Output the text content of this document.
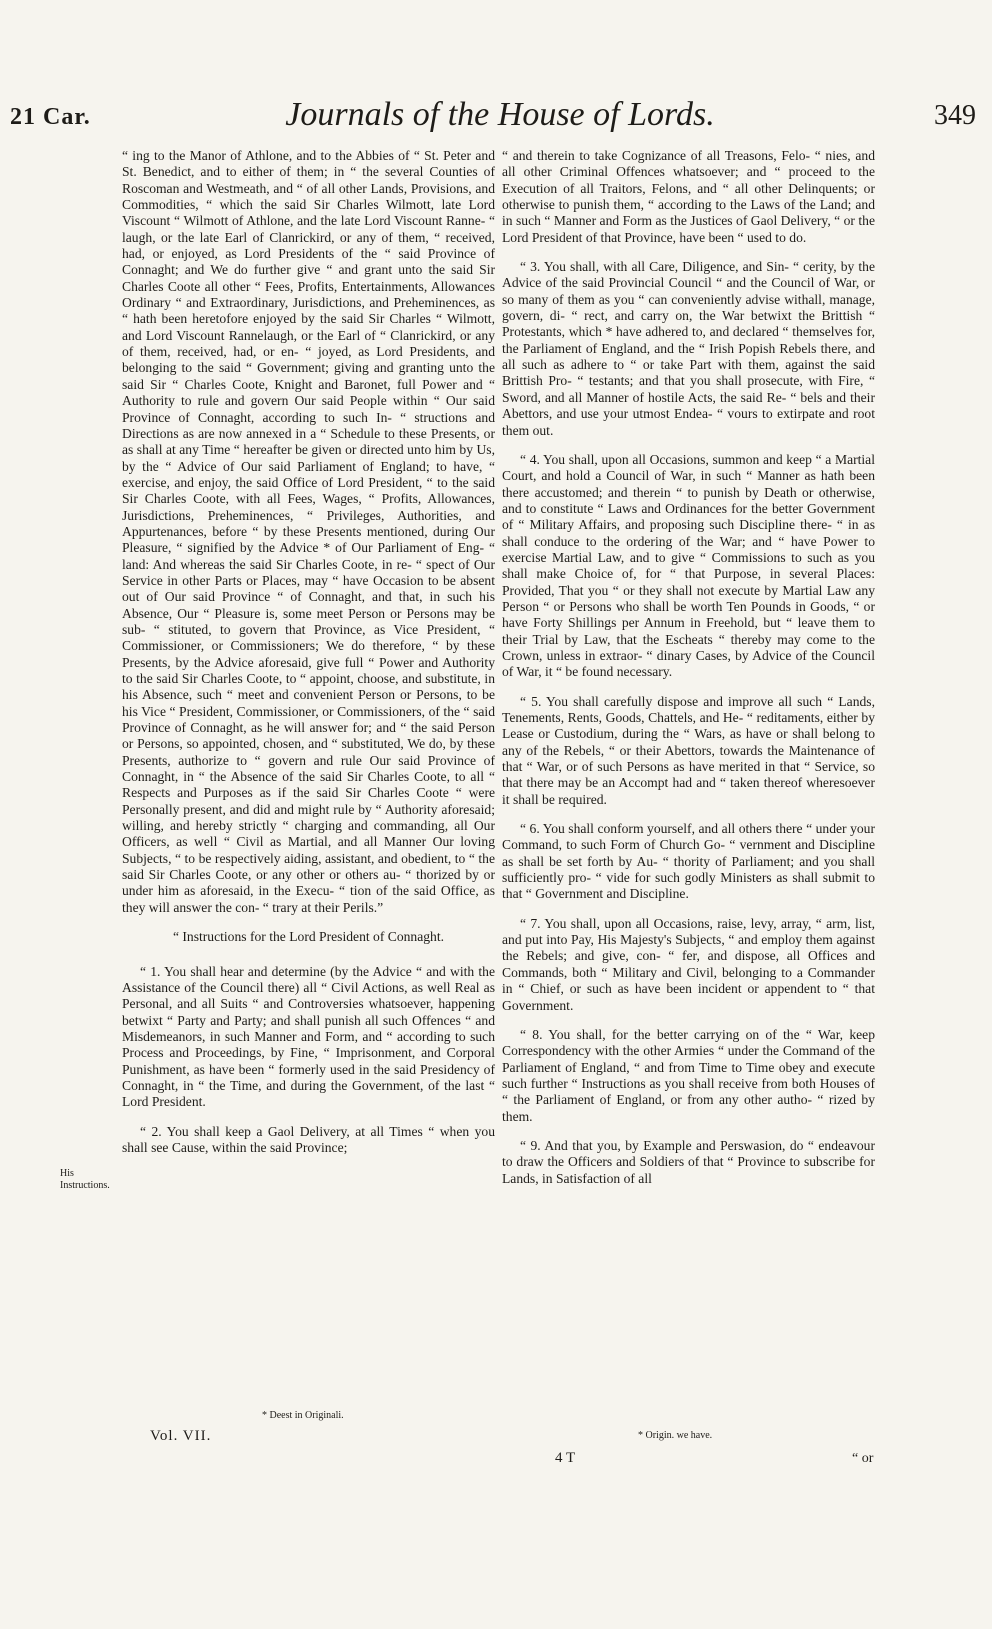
21 Car.	Journals of the House of Lords.	349

“ ing to the Manor of Athlone, and to the Abbies of “ St. Peter and St. Benedict, and to either of them; in “ the several Counties of Roscoman and Westmeath, and “ of all other Lands, Provisions, and Commodities, “ which the said Sir Charles Wilmott, late Lord Viscount “ Wilmott of Athlone, and the late Lord Viscount Ranne- “ laugh, or the late Earl of Clanrickird, or any of them, “ received, had, or enjoyed, as Lord Presidents of the “ said Province of Connaght; and We do further give “ and grant unto the said Sir Charles Coote all other “ Fees, Profits, Entertainments, Allowances Ordinary “ and Extraordinary, Jurisdictions, and Preheminences, as “ hath been heretofore enjoyed by the said Sir Charles “ Wilmott, and Lord Viscount Rannelaugh, or the Earl of “ Clanrickird, or any of them, received, had, or en- “ joyed, as Lord Presidents, and belonging to the said “ Government; giving and granting unto the said Sir “ Charles Coote, Knight and Baronet, full Power and “ Authority to rule and govern Our said People within “ Our said Province of Connaght, according to such In- “ structions and Directions as are now annexed in a “ Schedule to these Presents, or as shall at any Time “ hereafter be given or directed unto him by Us, by the “ Advice of Our said Parliament of England; to have, “ exercise, and enjoy, the said Office of Lord President, “ to the said Sir Charles Coote, with all Fees, Wages, “ Profits, Allowances, Jurisdictions, Preheminences, “ Privileges, Authorities, and Appurtenances, before “ by these Presents mentioned, during Our Pleasure, “ signified by the Advice * of Our Parliament of Eng- “ land: And whereas the said Sir Charles Coote, in re- “ spect of Our Service in other Parts or Places, may “ have Occasion to be absent out of Our said Province “ of Connaght, and that, in such his Absence, Our “ Pleasure is, some meet Person or Persons may be sub- “ stituted, to govern that Province, as Vice President, “ Commissioner, or Commissioners; We do therefore, “ by these Presents, by the Advice aforesaid, give full “ Power and Authority to the said Sir Charles Coote, to “ appoint, choose, and substitute, in his Absence, such “ meet and convenient Person or Persons, to be his Vice “ President, Commissioner, or Commissioners, of the “ said Province of Connaght, as he will answer for; and “ the said Person or Persons, so appointed, chosen, and “ substituted, We do, by these Presents, authorize to “ govern and rule Our said Province of Connaght, in “ the Absence of the said Sir Charles Coote, to all “ Respects and Purposes as if the said Sir Charles Coote “ were Personally present, and did and might rule by “ Authority aforesaid; willing, and hereby strictly “ charging and commanding, all Our Officers, as well “ Civil as Martial, and all Manner Our loving Subjects, “ to be respectively aiding, assistant, and obedient, to “ the said Sir Charles Coote, or any other or others au- “ thorized by or under him as aforesaid, in the Execu- “ tion of the said Office, as they will answer the con- “ trary at their Perils.”

“ Instructions for the Lord President of Connaght.

“ 1. You shall hear and determine (by the Advice “ and with the Assistance of the Council there) all “ Civil Actions, as well Real as Personal, and all Suits “ and Controversies whatsoever, happening betwixt “ Party and Party; and shall punish all such Offences “ and Misdemeanors, in such Manner and Form, and “ according to such Process and Proceedings, by Fine, “ Imprisonment, and Corporal Punishment, as have been “ formerly used in the said Presidency of Connaght, in “ the Time, and during the Government, of the last “ Lord President.

“ 2. You shall keep a Gaol Delivery, at all Times “ when you shall see Cause, within the said Province;

“ and therein to take Cognizance of all Treasons, Felo- “ nies, and all other Criminal Offences whatsoever; and “ proceed to the Execution of all Traitors, Felons, and “ all other Delinquents; or otherwise to punish them, “ according to the Laws of the Land; and in such “ Manner and Form as the Justices of Gaol Delivery, “ or the Lord President of that Province, have been “ used to do.

“ 3. You shall, with all Care, Diligence, and Sin- “ cerity, by the Advice of the said Provincial Council “ and the Council of War, or so many of them as you “ can conveniently advise withall, manage, govern, di- “ rect, and carry on, the War betwixt the Brittish “ Protestants, which * have adhered to, and declared “ themselves for, the Parliament of England, and the “ Irish Popish Rebels there, and all such as adhere to “ or take Part with them, against the said Brittish Pro- “ testants; and that you shall prosecute, with Fire, “ Sword, and all Manner of hostile Acts, the said Re- “ bels and their Abettors, and use your utmost Endea- “ vours to extirpate and root them out.

“ 4. You shall, upon all Occasions, summon and keep “ a Martial Court, and hold a Council of War, in such “ Manner as hath been there accustomed; and therein “ to punish by Death or otherwise, and to constitute “ Laws and Ordinances for the better Government of “ Military Affairs, and proposing such Discipline there- “ in as shall conduce to the ordering of the War; and “ have Power to exercise Martial Law, and to give “ Commissions to such as you shall make Choice of, for “ that Purpose, in several Places: Provided, That you “ or they shall not execute by Martial Law any Person “ or Persons who shall be worth Ten Pounds in Goods, “ or have Forty Shillings per Annum in Freehold, but “ leave them to their Trial by Law, that the Escheats “ thereby may come to the Crown, unless in extraor- “ dinary Cases, by Advice of the Council of War, it “ be found necessary.

“ 5. You shall carefully dispose and improve all such “ Lands, Tenements, Rents, Goods, Chattels, and He- “ reditaments, either by Lease or Custodium, during the “ Wars, as have or shall belong to any of the Rebels, “ or their Abettors, towards the Maintenance of that “ War, or of such Persons as have merited in that “ Service, so that there may be an Accompt had and “ taken thereof wheresoever it shall be required.

“ 6. You shall conform yourself, and all others there “ under your Command, to such Form of Church Go- “ vernment and Discipline as shall be set forth by Au- “ thority of Parliament; and you shall sufficiently pro- “ vide for such godly Ministers as shall submit to that “ Government and Discipline.

“ 7. You shall, upon all Occasions, raise, levy, array, “ arm, list, and put into Pay, His Majesty's Subjects, “ and employ them against the Rebels; and give, con- “ fer, and dispose, all Offices and Commands, both “ Military and Civil, belonging to a Commander in “ Chief, or such as have been incident or appendent to “ that Government.

“ 8. You shall, for the better carrying on of the “ War, keep Correspondency with the other Armies “ under the Command of the Parliament of England, “ and from Time to Time obey and execute such further “ Instructions as you shall receive from both Houses of “ the Parliament of England, or from any other autho- “ rized by them.

“ 9. And that you, by Example and Perswasion, do “ endeavour to draw the Officers and Soldiers of that “ Province to subscribe for Lands, in Satisfaction of all

His Instructions.
* Deest in Originali.
* Origin. we have.
Vol. VII.
4 T	“ or
